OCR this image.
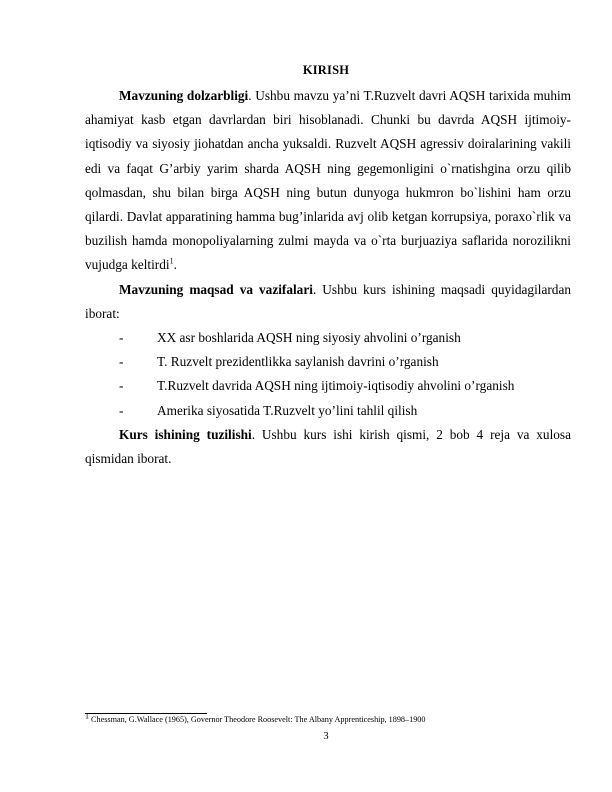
KIRISH

Mavzuning dolzarbligi. Ushbu mavzu ya’ni T.Ruzvelt davri AQSH tarixida muhim ahamiyat kasb etgan davrlardan biri hisoblanadi. Chunki bu davrda AQSH ijtimoiy-iqtisodiy va siyosiy jiohatdan ancha yuksaldi. Ruzvelt AQSH agressiv doiralarining vakili edi va faqat G’arbiy yarim sharda AQSH ning gegemonligini o`rnatishgina orzu qilib qolmasdan, shu bilan birga AQSH ning butun dunyoga hukmron bo`lishini ham orzu qilardi. Davlat apparatining hamma bug’inlarida avj olib ketgan korrupsiya, poraxo`rlik va buzilish hamda monopoliyalarning zulmi mayda va o`rta burjuaziya saflarida norozilikni vujudga keltirdi$^1$.

Mavzuning maqsad va vazifalari. Ushbu kurs ishining maqsadi quyidagilardan iborat:

-	XX asr boshlarida AQSH ning siyosiy ahvolini o’rganish

-	T. Ruzvelt prezidentlikka saylanish davrini o’rganish

-	T.Ruzvelt davrida AQSH ning ijtimoiy-iqtisodiy ahvolini o’rganish

-	Amerika siyosatida T.Ruzvelt yo’lini tahlil qilish

Kurs ishining tuzilishi. Ushbu kurs ishi kirish qismi, 2 bob 4 reja va xulosa qismidan iborat.

$^1$ Chessman, G.Wallace (1965), Governor Theodore Roosevelt: The Albany Apprenticeship, 1898–1900
3
